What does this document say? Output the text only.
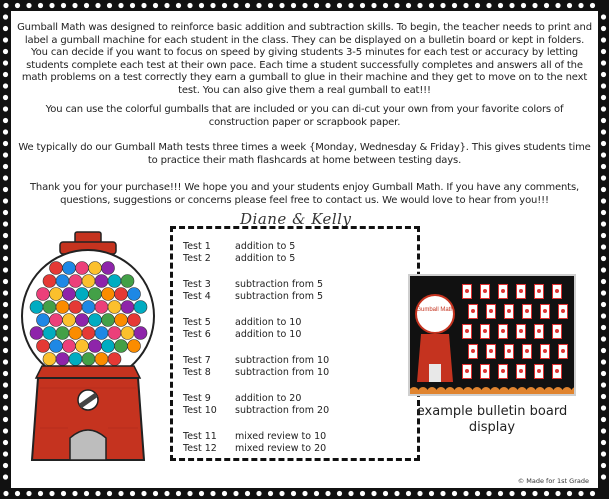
Gumball Math was designed to reinforce basic addition and subtraction skills. To begin, the teacher needs to print and label a gumball machine for each student in the class. They can be displayed on a bulletin board or kept in folders. You can decide if you want to focus on speed by giving students 3-5 minutes for each test or accuracy by letting students complete each test at their own pace. Each time a student successfully completes and answers all of the math problems on a test correctly they earn a gumball to glue in their machine and they get to move on to the next test. You can also give them a real gumball to eat!!!
You can use the colorful gumballs that are included or you can di-cut your own from your favorite colors of construction paper or scrapbook paper.
We typically do our Gumball Math tests three times a week {Monday, Wednesday & Friday}. This gives students time to practice their math flashcards at home between testing days.
Thank you for your purchase!!! We hope you and your students enjoy Gumball Math. If you have any comments, questions, suggestions or concerns please feel free to contact us. We would love to hear from you!!!
Diane & Kelly
Test 1	addition to 5
Test 2	addition to 5
Test 3	subtraction from 5
Test 4	subtraction from 5
Test 5	addition to 10
Test 6	addition to 10
Test 7	subtraction from 10
Test 8	subtraction from 10
Test 9	addition to 20
Test 10 subtraction from 20
Test 11 mixed review to 10
Test 12 mixed review to 20
Gumball Math
example bulletin board display
© Made for 1st Grade
